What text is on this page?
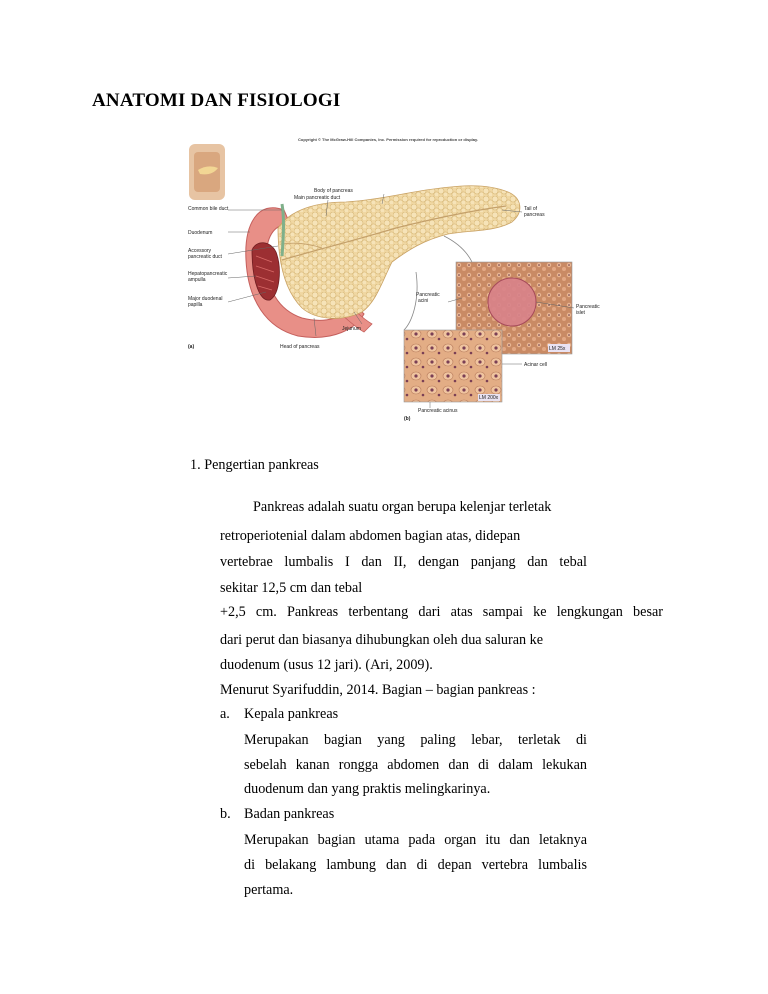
ANATOMI DAN FISIOLOGI
Copyright © The McGraw-Hill Companies, Inc. Permission required for reproduction or display.
Body of pancreas
Main pancreatic duct
Common bile duct	Tail of
pancreas
Duodenum
Accessory
pancreatic duct
Hepatopancreatic
ampulla
Major duodenal
papilla
Jejunum
(a)	Head of pancreas
Pancreatic
acini
Pancreatic
islet
LM 25x
Acinar cell
LM 200x
Pancreatic acinus
(b)
1. Pengertian pankreas
Pankreas adalah suatu organ berupa kelenjar terletak
retroperiotenial dalam abdomen bagian atas, didepan
vertebrae lumbalis I dan II, dengan panjang dan tebal
sekitar 12,5 cm dan tebal
+2,5 cm. Pankreas terbentang dari atas sampai ke lengkungan besar
dari perut dan biasanya dihubungkan oleh dua saluran ke
duodenum (usus 12 jari). (Ari, 2009).
Menurut Syarifuddin, 2014. Bagian – bagian pankreas :
a. Kepala pankreas
Merupakan bagian yang paling lebar, terletak di
sebelah kanan rongga abdomen dan di dalam lekukan
duodenum dan yang praktis melingkarinya.
b. Badan pankreas
Merupakan bagian utama pada organ itu dan letaknya
di belakang lambung dan di depan vertebra lumbalis
pertama.
